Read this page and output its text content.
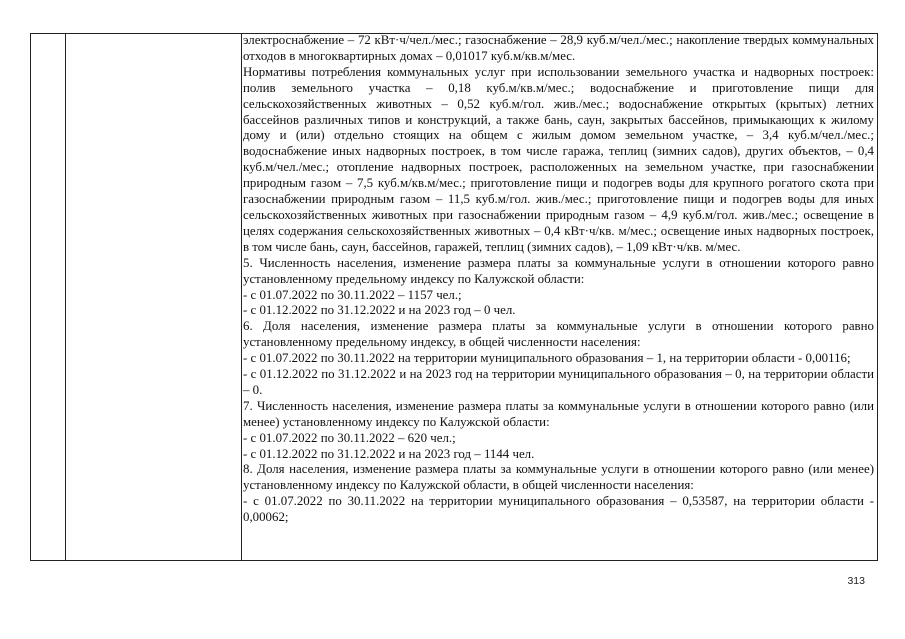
электроснабжение – 72 кВт·ч/чел./мес.; газоснабжение – 28,9 куб.м/чел./мес.; накопление твердых коммунальных отходов в многоквартирных домах – 0,01017 куб.м/кв.м/мес.

Нормативы потребления коммунальных услуг при использовании земельного участка и надворных построек: полив земельного участка – 0,18 куб.м/кв.м/мес.; водоснабжение и приготовление пищи для сельскохозяйственных животных – 0,52 куб.м/гол. жив./мес.; водоснабжение открытых (крытых) летних бассейнов различных типов и конструкций, а также бань, саун, закрытых бассейнов, примыкающих к жилому дому и (или) отдельно стоящих на общем с жилым домом земельном участке, – 3,4 куб.м/чел./мес.; водоснабжение иных надворных построек, в том числе гаража, теплиц (зимних садов), других объектов, – 0,4 куб.м/чел./мес.; отопление надворных построек, расположенных на земельном участке, при газоснабжении природным газом – 7,5 куб.м/кв.м/мес.; приготовление пищи и подогрев воды для крупного рогатого скота при газоснабжении природным газом – 11,5 куб.м/гол. жив./мес.; приготовление пищи и подогрев воды для иных сельскохозяйственных животных при газоснабжении природным газом – 4,9 куб.м/гол. жив./мес.; освещение в целях содержания сельскохозяйственных животных – 0,4 кВт·ч/кв. м/мес.; освещение иных надворных построек, в том числе бань, саун, бассейнов, гаражей, теплиц (зимних садов), – 1,09 кВт·ч/кв. м/мес.

5. Численность населения, изменение размера платы за коммунальные услуги в отношении которого равно установленному предельному индексу по Калужской области:

- с 01.07.2022 по 30.11.2022 – 1157 чел.;

- с 01.12.2022 по 31.12.2022 и на 2023 год – 0 чел.

6. Доля населения, изменение размера платы за коммунальные услуги в отношении которого равно установленному предельному индексу, в общей численности населения:

- с 01.07.2022 по 30.11.2022 на территории муниципального образования – 1, на территории области - 0,00116;

- с 01.12.2022 по 31.12.2022 и на 2023 год на территории муниципального образования – 0, на территории области – 0.

7. Численность населения, изменение размера платы за коммунальные услуги в отношении которого равно (или менее) установленному индексу по Калужской области:

- с 01.07.2022 по 30.11.2022 – 620 чел.;

- с 01.12.2022 по 31.12.2022 и на 2023 год – 1144 чел.

8. Доля населения, изменение размера платы за коммунальные услуги в отношении которого равно (или менее) установленному индексу по Калужской области, в общей численности населения:

- с 01.07.2022 по 30.11.2022 на территории муниципального образования – 0,53587, на территории области - 0,00062;

313
